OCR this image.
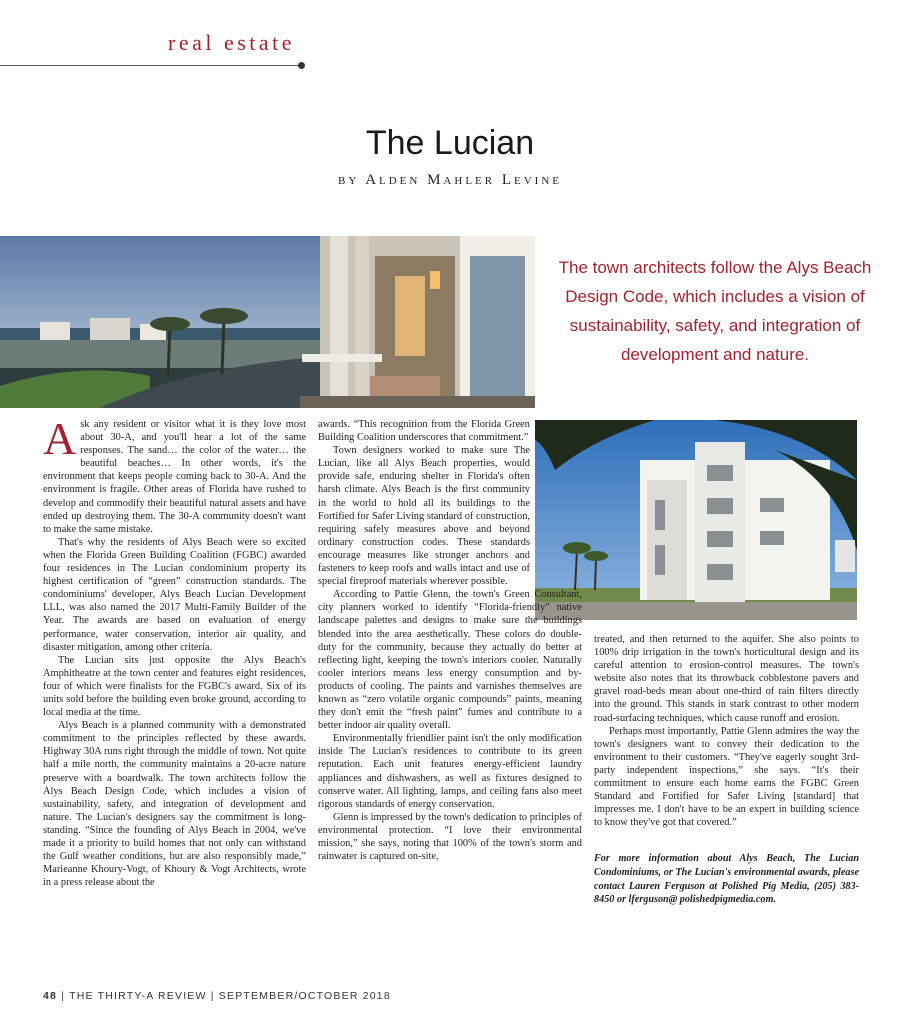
real estate
The Lucian
by Alden Mahler Levine
The town architects follow the Alys Beach Design Code, which includes a vision of sustainability, safety, and integration of development and nature.

Ask any resident or visitor what it is they love most about 30-A, and you'll hear a lot of the same responses. The sand… the color of the water… the beautiful beaches… In other words, it's the environment that keeps people coming back to 30-A. And the environment is fragile. Other areas of Florida have rushed to develop and commodify their beautiful natural assets and have ended up destroying them. The 30-A community doesn't want to make the same mistake.

That's why the residents of Alys Beach were so excited when the Florida Green Building Coalition (FGBC) awarded four residences in The Lucian condominium property its highest certification of “green” construction standards. The condominiums' developer, Alys Beach Lucian Development LLL, was also named the 2017 Multi-Family Builder of the Year. The awards are based on evaluation of energy performance, water conservation, interior air quality, and disaster mitigation, among other criteria.

The Lucian sits just opposite the Alys Beach's Amphitheatre at the town center and features eight residences, four of which were finalists for the FGBC's award. Six of its units sold before the building even broke ground, according to local media at the time.

Alys Beach is a planned community with a demonstrated commitment to the principles reflected by these awards. Highway 30A runs right through the middle of town. Not quite half a mile north, the community maintains a 20-acre nature preserve with a boardwalk. The town architects follow the Alys Beach Design Code, which includes a vision of sustainability, safety, and integration of development and nature. The Lucian's designers say the commitment is long-standing. “Since the founding of Alys Beach in 2004, we've made it a priority to build homes that not only can withstand the Gulf weather conditions, but are also responsibly made,” Marieanne Khoury-Vogt, of Khoury & Vogt Architects, wrote in a press release about the

awards. “This recognition from the Florida Green Building Coalition underscores that commitment.”

Town designers worked to make sure The Lucian, like all Alys Beach properties, would provide safe, enduring shelter in Florida's often harsh climate. Alys Beach is the first community in the world to hold all its buildings to the Fortified for Safer Living standard of construction, requiring safely measures above and beyond ordinary construction codes. These standards encourage measures like stronger anchors and fasteners to keep roofs and walls intact and use of special fireproof materials wherever possible.

According to Pattie Glenn, the town's Green Consultant, city planners worked to identify “Florida-friendly” native landscape palettes and designs to make sure the buildings blended into the area aesthetically. These colors do double-duty for the community, because they actually do better at reflecting light, keeping the town's interiors cooler. Naturally cooler interiors means less energy consumption and by-products of cooling. The paints and varnishes themselves are known as “zero volatile organic compounds” paints, meaning they don't emit the “fresh paint” fumes and contribute to a better indoor air quality overall.

Environmentally friendlier paint isn't the only modification inside The Lucian's residences to contribute to its green reputation. Each unit features energy-efficient laundry appliances and dishwashers, as well as fixtures designed to conserve water. All lighting, lamps, and ceiling fans also meet rigorous standards of energy conservation.

Glenn is impressed by the town's dedication to principles of environmental protection. “I love their environmental mission,” she says, noting that 100% of the town's storm and rainwater is captured on-site,

treated, and then returned to the aquifer. She also points to 100% drip irrigation in the town's horticultural design and its careful attention to erosion-control measures. The town's website also notes that its throwback cobblestone pavers and gravel road-beds mean about one-third of rain filters directly into the ground. This stands in stark contrast to other modern road-surfacing techniques, which cause runoff and erosion.

Perhaps most importantly, Pattie Glenn admires the way the town's designers want to convey their dedication to the environment to their customers. “They've eagerly sought 3rd-party independent inspections,” she says. “It's their commitment to ensure each home earns the FGBC Green Standard and Fortified for Safer Living [standard] that impresses me. I don't have to be an expert in building science to know they've got that covered.”

For more information about Alys Beach, The Lucian Condominiums, or The Lucian's environmental awards, please contact Lauren Ferguson at Polished Pig Media, (205) 383-8450 or lferguson@ polishedpigmedia.com.

48 | THE THIRTY-A REVIEW | SEPTEMBER/OCTOBER 2018
